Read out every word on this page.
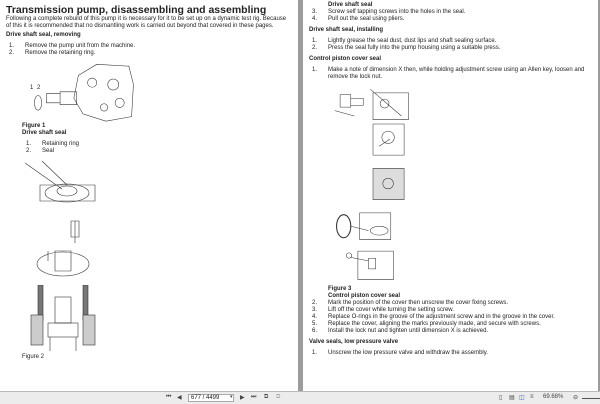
Transmission pump, disassembling and assembling
Following a complete rebuild of this pump it is necessary for it to be set up on a dynamic test rig. Because of this it is recommended that no dismantling work is carried out beyond that covered in these pages.
Drive shaft seal, removing
1.	Remove the pump unit from the machine.
2.	Remove the retaining ring.
1 2
Figure 1
Drive shaft seal
1.	Retaining ring
2.	Seal
Figure 2
Drive shaft seal
3.	Screw self tapping screws into the holes in the seal.
4.	Pull out the seal using pliers.
Drive shaft seal, installing
1.	Lightly grease the seal dust, dust lips and shaft sealing surface.
2.	Press the seal fully into the pump housing using a suitable press.
Control piston cover seal
1.	Make a note of dimension X then, while holding adjustment screw using an Allen key, loosen and remove the lock nut.
Figure 3
Control piston cover seal
2.	Mark the position of the cover then unscrew the cover fixing screws.
3.	Lift off the cover while turning the setting screw.
4.	Replace O-rings in the groove of the adjustment screw and in the groove in the cover.
5.	Replace the cover, aligning the marks previously made, and secure with screws.
6.	Install the lock nut and tighten until dimension X is achieved.
Valve seals, low pressure valve
1.	Unscrew the low pressure valve and withdraw the assembly.
⏮ ◀	677 / 4499	▾ ▶ ⏭ ⧉ ⧉	▯ ▤ ◫ ≡ 69.68% ⊖
